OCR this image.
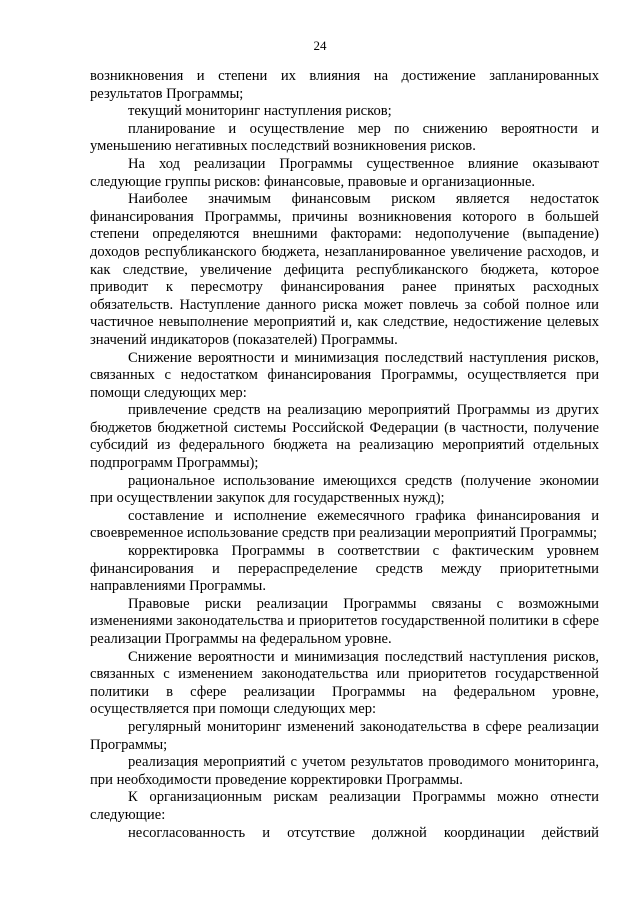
24

возникновения и степени их влияния на достижение запланированных результатов Программы;

текущий мониторинг наступления рисков;

планирование и осуществление мер по снижению вероятности и уменьшению негативных последствий возникновения рисков.

На ход реализации Программы существенное влияние оказывают следующие группы рисков: финансовые, правовые и организационные.

Наиболее значимым финансовым риском является недостаток финансирования Программы, причины возникновения которого в большей степени определяются внешними факторами: недополучение (выпадение) доходов республиканского бюджета, незапланированное увеличение расходов, и как следствие, увеличение дефицита республиканского бюджета, которое приводит к пересмотру финансирования ранее принятых расходных обязательств. Наступление данного риска может повлечь за собой полное или частичное невыполнение мероприятий и, как следствие, недостижение целевых значений индикаторов (показателей) Программы.

Снижение вероятности и минимизация последствий наступления рисков, связанных с недостатком финансирования Программы, осуществляется при помощи следующих мер:

привлечение средств на реализацию мероприятий Программы из других бюджетов бюджетной системы Российской Федерации (в частности, получение субсидий из федерального бюджета на реализацию мероприятий отдельных подпрограмм Программы);

рациональное использование имеющихся средств (получение экономии при осуществлении закупок для государственных нужд);

составление и исполнение ежемесячного графика финансирования и своевременное использование средств при реализации мероприятий Программы;

корректировка Программы в соответствии с фактическим уровнем финансирования и перераспределение средств между приоритетными направлениями Программы.

Правовые риски реализации Программы связаны с возможными изменениями законодательства и приоритетов государственной политики в сфере реализации Программы на федеральном уровне.

Снижение вероятности и минимизация последствий наступления рисков, связанных с изменением законодательства или приоритетов государственной политики в сфере реализации Программы на федеральном уровне, осуществляется при помощи следующих мер:

регулярный мониторинг изменений законодательства в сфере реализации Программы;

реализация мероприятий с учетом результатов проводимого мониторинга, при необходимости проведение корректировки Программы.

К организационным рискам реализации Программы можно отнести следующие:

несогласованность и отсутствие должной координации действий
